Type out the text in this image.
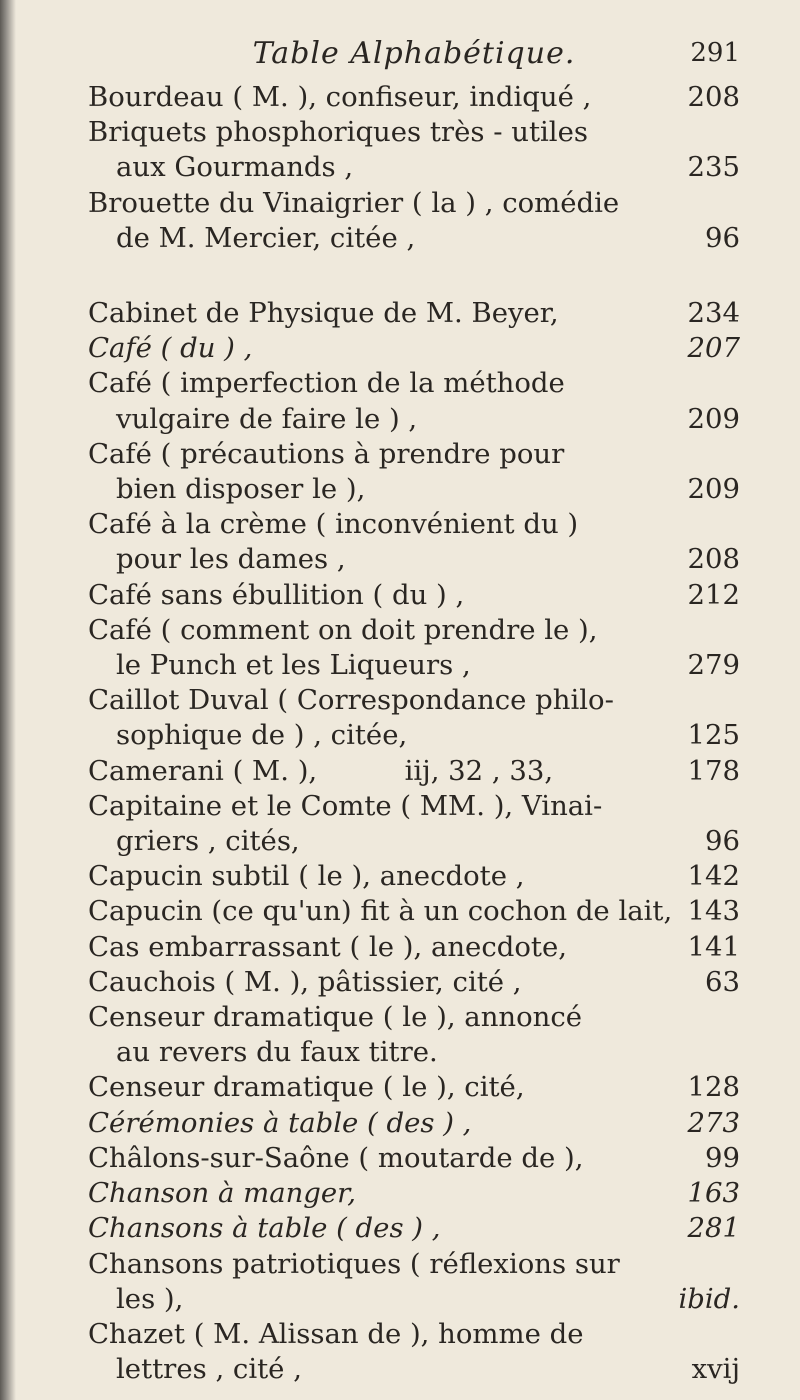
Table Alphabétique.	291
Bourdeau ( M. ), confiseur, indiqué ,	208
Briquets phosphoriques très - utiles
aux Gourmands ,	235
Brouette du Vinaigrier ( la ) , comédie
de M. Mercier, citée ,	96
Cabinet de Physique de M. Beyer,	234
Café ( du ) ,	207
Café ( imperfection de la méthode
vulgaire de faire le ) ,	209
Café ( précautions à prendre pour
bien disposer le ),	209
Café à la crème ( inconvénient du )
pour les dames ,	208
Café sans ébullition ( du ) ,	212
Café ( comment on doit prendre le ),
le Punch et les Liqueurs ,	279
Caillot Duval ( Correspondance philo-
sophique de ) , citée,	125
Camerani ( M. ),          iij, 32 , 33,	178
Capitaine et le Comte ( MM. ), Vinai-
griers , cités,	96
Capucin subtil ( le ), anecdote ,	142
Capucin (ce qu'un) fit à un cochon de lait, 143
Cas embarrassant ( le ), anecdote,	141
Cauchois ( M. ), pâtissier, cité ,	63
Censeur dramatique ( le ), annoncé
au revers du faux titre.
Censeur dramatique ( le ), cité,	128
Cérémonies à table ( des ) ,	273
Châlons-sur-Saône ( moutarde de ),	99
Chanson à manger,	163
Chansons à table ( des ) ,	281
Chansons patriotiques ( réflexions sur
les ),	ibid.
Chazet ( M. Alissan de ), homme de
lettres , cité ,	xvij
